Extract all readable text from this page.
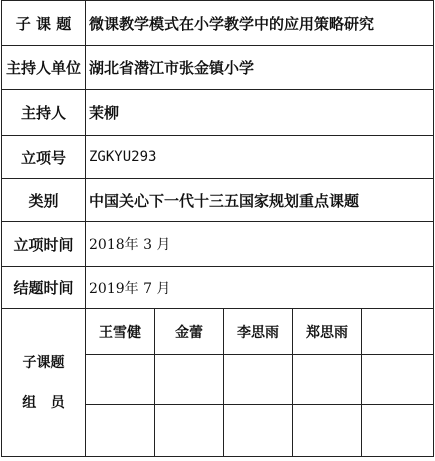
子 课 题	微课教学模式在小学教学中的应用策略研究				
主持人单位	湖北省潜江市张金镇小学				
主持人	茉柳				
立项号	ZGKYU293				
类别	中国关心下一代十三五国家规划重点课题				
立项时间	2018年 3 月				
结题时间	2019年 7 月				

子课题
组   员	王雪健	金蕾	李思雨	郑思雨	
